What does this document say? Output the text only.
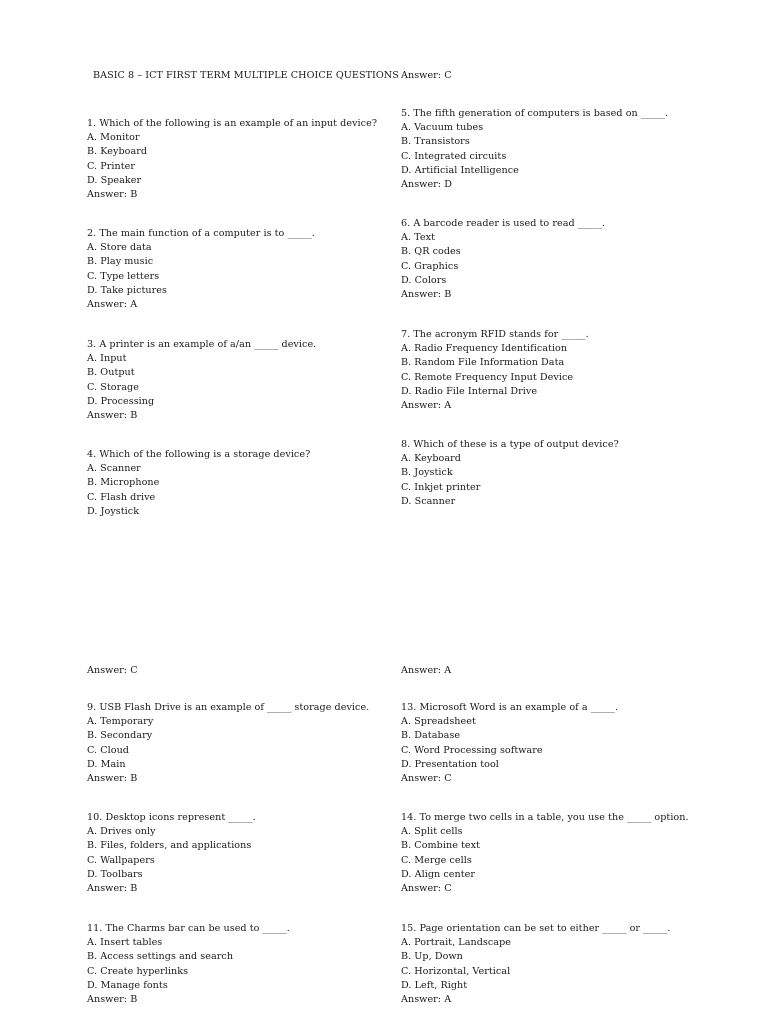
BASIC 8 – ICT FIRST TERM MULTIPLE CHOICE QUESTIONS Answer: C
1. Which of the following is an example of an input device?
A. Monitor
B. Keyboard
C. Printer
D. Speaker
Answer: B
2. The main function of a computer is to _____.
A. Store data
B. Play music
C. Type letters
D. Take pictures
Answer: A
3. A printer is an example of a/an _____ device.
A. Input
B. Output
C. Storage
D. Processing
Answer: B
4. Which of the following is a storage device?
A. Scanner
B. Microphone
C. Flash drive
D. Joystick
5. The fifth generation of computers is based on _____.
A. Vacuum tubes
B. Transistors
C. Integrated circuits
D. Artificial Intelligence
Answer: D
6. A barcode reader is used to read _____.
A. Text
B. QR codes
C. Graphics
D. Colors
Answer: B
7. The acronym RFID stands for _____.
A. Radio Frequency Identification
B. Random File Information Data
C. Remote Frequency Input Device
D. Radio File Internal Drive
Answer: A
8. Which of these is a type of output device?
A. Keyboard
B. Joystick
C. Inkjet printer
D. Scanner
Answer: C	Answer: A
9. USB Flash Drive is an example of _____ storage device.
A. Temporary
B. Secondary
C. Cloud
D. Main
Answer: B
10. Desktop icons represent _____.
A. Drives only
B. Files, folders, and applications
C. Wallpapers
D. Toolbars
Answer: B
11. The Charms bar can be used to _____.
A. Insert tables
B. Access settings and search
C. Create hyperlinks
D. Manage fonts
Answer: B
13. Microsoft Word is an example of a _____.
A. Spreadsheet
B. Database
C. Word Processing software
D. Presentation tool
Answer: C
14. To merge two cells in a table, you use the _____ option.
A. Split cells
B. Combine text
C. Merge cells
D. Align center
Answer: C
15. Page orientation can be set to either _____ or _____.
A. Portrait, Landscape
B. Up, Down
C. Horizontal, Vertical
D. Left, Right
Answer: A
